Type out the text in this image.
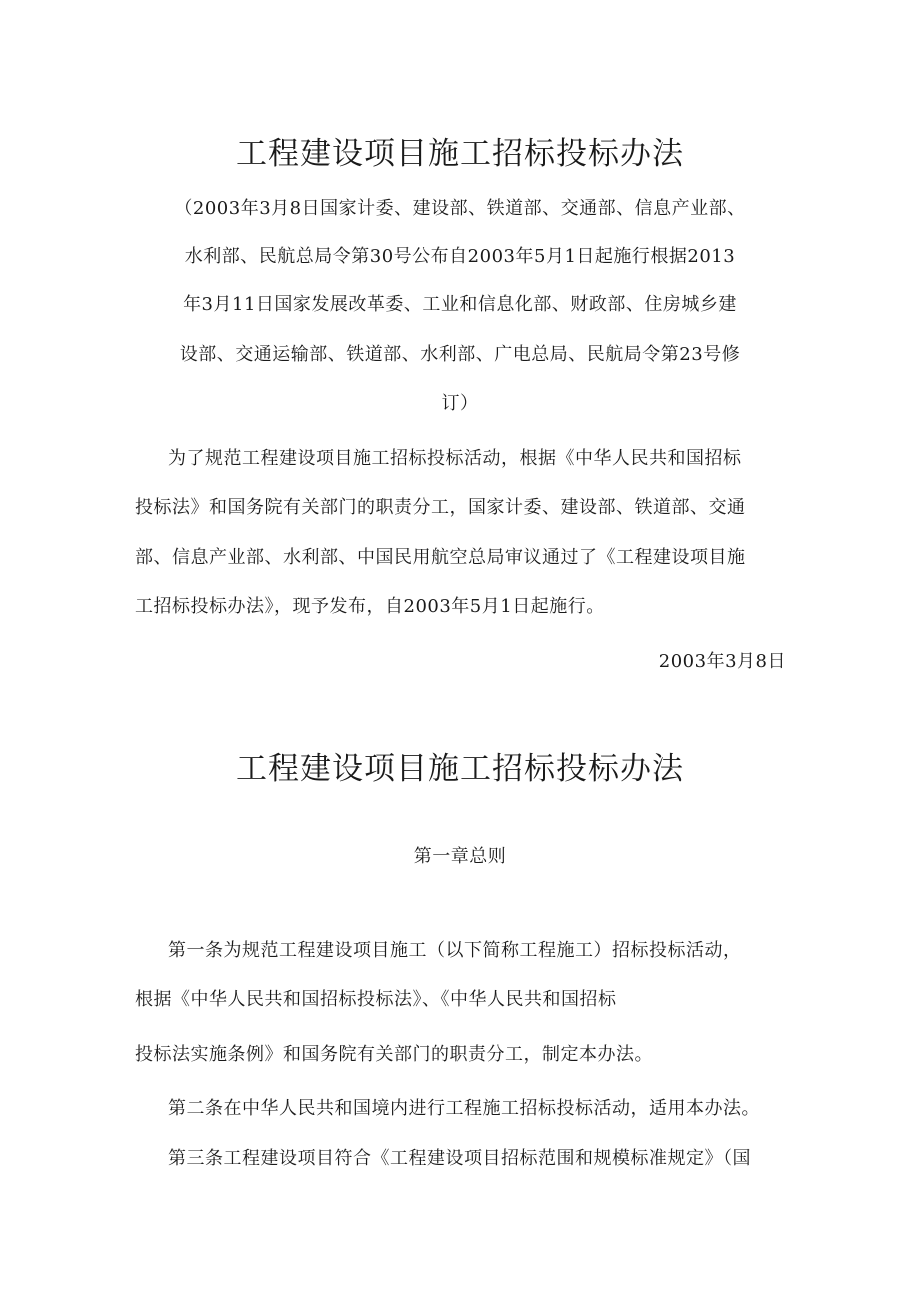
工程建设项目施工招标投标办法

（2003年3月8日国家计委、建设部、铁道部、交通部、信息产业部、

水利部、民航总局令第30号公布自2003年5月1日起施行根据2013

年3月11日国家发展改革委、工业和信息化部、财政部、住房城乡建

设部、交通运输部、铁道部、水利部、广电总局、民航局令第23号修

订）

为了规范工程建设项目施工招标投标活动，根据《中华人民共和国招标

投标法》和国务院有关部门的职责分工，国家计委、建设部、铁道部、交通

部、信息产业部、水利部、中国民用航空总局审议通过了《工程建设项目施

工招标投标办法》，现予发布，自2003年5月1日起施行。

2003年3月8日

工程建设项目施工招标投标办法

第一章总则

第一条为规范工程建设项目施工（以下简称工程施工）招标投标活动，

根据《中华人民共和国招标投标法》、《中华人民共和国招标

投标法实施条例》和国务院有关部门的职责分工，制定本办法。

第二条在中华人民共和国境内进行工程施工招标投标活动，适用本办法。

第三条工程建设项目符合《工程建设项目招标范围和规模标准规定》（国
